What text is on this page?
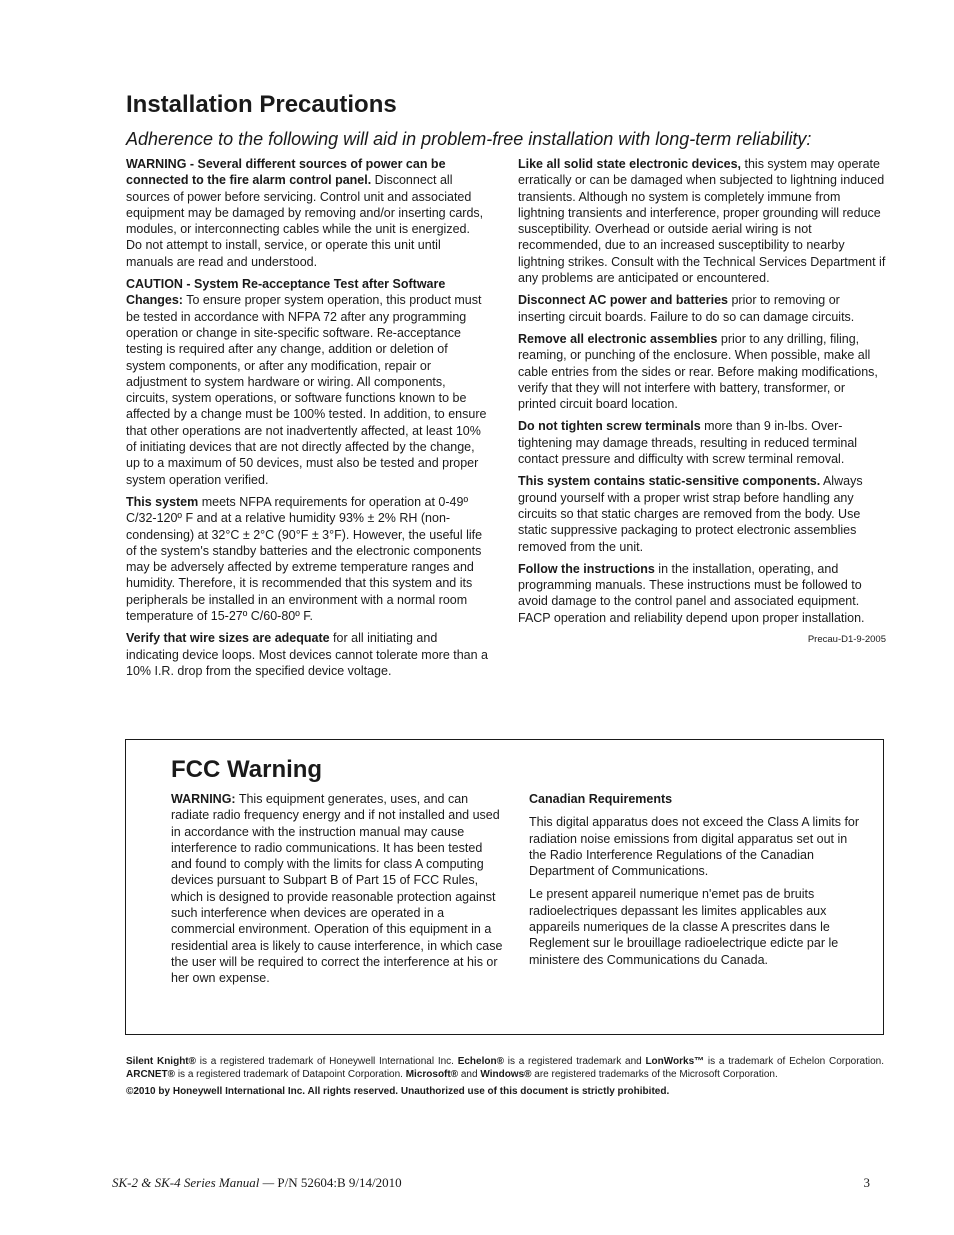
Installation Precautions

Adherence to the following will aid in problem-free installation with long-term reliability:

WARNING - Several different sources of power can be connected to the fire alarm control panel. Disconnect all sources of power before servicing. Control unit and associated equipment may be damaged by removing and/or inserting cards, modules, or interconnecting cables while the unit is energized. Do not attempt to install, service, or operate this unit until manuals are read and understood.

CAUTION - System Re-acceptance Test after Software Changes: To ensure proper system operation, this product must be tested in accordance with NFPA 72 after any programming operation or change in site-specific software. Re-acceptance testing is required after any change, addition or deletion of system components, or after any modification, repair or adjustment to system hardware or wiring. All components, circuits, system operations, or software functions known to be affected by a change must be 100% tested. In addition, to ensure that other operations are not inadvertently affected, at least 10% of initiating devices that are not directly affected by the change, up to a maximum of 50 devices, must also be tested and proper system operation verified.

This system meets NFPA requirements for operation at 0-49º C/32-120º F and at a relative humidity 93% ± 2% RH (non-condensing) at 32°C ± 2°C (90°F ± 3°F). However, the useful life of the system's standby batteries and the electronic components may be adversely affected by extreme temperature ranges and humidity. Therefore, it is recommended that this system and its peripherals be installed in an environment with a normal room temperature of 15-27º C/60-80º F.

Verify that wire sizes are adequate for all initiating and indicating device loops. Most devices cannot tolerate more than a 10% I.R. drop from the specified device voltage.

Like all solid state electronic devices, this system may operate erratically or can be damaged when subjected to lightning induced transients. Although no system is completely immune from lightning transients and interference, proper grounding will reduce susceptibility. Overhead or outside aerial wiring is not recommended, due to an increased susceptibility to nearby lightning strikes. Consult with the Technical Services Department if any problems are anticipated or encountered.

Disconnect AC power and batteries prior to removing or inserting circuit boards. Failure to do so can damage circuits.

Remove all electronic assemblies prior to any drilling, filing, reaming, or punching of the enclosure. When possible, make all cable entries from the sides or rear. Before making modifications, verify that they will not interfere with battery, transformer, or printed circuit board location.

Do not tighten screw terminals more than 9 in-lbs. Over-tightening may damage threads, resulting in reduced terminal contact pressure and difficulty with screw terminal removal.

This system contains static-sensitive components. Always ground yourself with a proper wrist strap before handling any circuits so that static charges are removed from the body. Use static suppressive packaging to protect electronic assemblies removed from the unit.

Follow the instructions in the installation, operating, and programming manuals. These instructions must be followed to avoid damage to the control panel and associated equipment. FACP operation and reliability depend upon proper installation.

Precau-D1-9-2005
FCC Warning

WARNING: This equipment generates, uses, and can radiate radio frequency energy and if not installed and used in accordance with the instruction manual may cause interference to radio communications. It has been tested and found to comply with the limits for class A computing devices pursuant to Subpart B of Part 15 of FCC Rules, which is designed to provide reasonable protection against such interference when devices are operated in a commercial environment. Operation of this equipment in a residential area is likely to cause interference, in which case the user will be required to correct the interference at his or her own expense.

Canadian Requirements

This digital apparatus does not exceed the Class A limits for radiation noise emissions from digital apparatus set out in the Radio Interference Regulations of the Canadian Department of Communications.

Le present appareil numerique n'emet pas de bruits radioelectriques depassant les limites applicables aux appareils numeriques de la classe A prescrites dans le Reglement sur le brouillage radioelectrique edicte par le ministere des Communications du Canada.

Silent Knight® is a registered trademark of Honeywell International Inc. Echelon® is a registered trademark and LonWorks™ is a trademark of Echelon Corporation. ARCNET® is a registered trademark of Datapoint Corporation. Microsoft® and Windows® are registered trademarks of the Microsoft Corporation.

©2010 by Honeywell International Inc. All rights reserved. Unauthorized use of this document is strictly prohibited.

SK-2 & SK-4 Series Manual — P/N 52604:B 9/14/2010	3
